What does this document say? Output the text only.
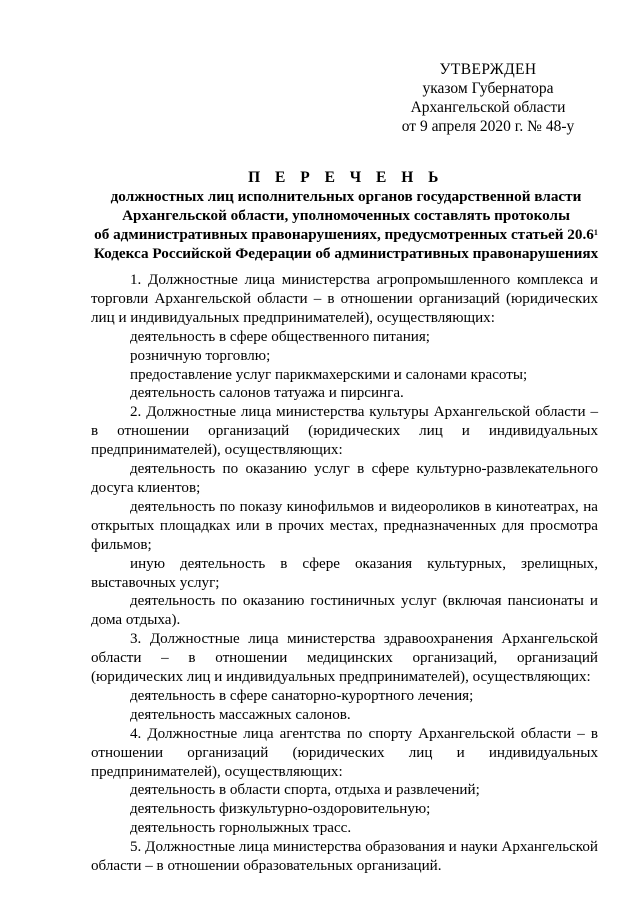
УТВЕРЖДЕН
указом Губернатора
Архангельской области
от 9 апреля 2020 г. № 48-у
П Е Р Е Ч Е Н Ь
должностных лиц исполнительных органов государственной власти
Архангельской области, уполномоченных составлять протоколы
об административных правонарушениях, предусмотренных статьей 20.6$^1$
Кодекса Российской Федерации об административных правонарушениях

1. Должностные лица министерства агропромышленного комплекса и торговли Архангельской области – в отношении организаций (юридических лиц и индивидуальных предпринимателей), осуществляющих:

деятельность в сфере общественного питания;

розничную торговлю;

предоставление услуг парикмахерскими и салонами красоты;

деятельность салонов татуажа и пирсинга.

2. Должностные лица министерства культуры Архангельской области – в отношении организаций (юридических лиц и индивидуальных предпринимателей), осуществляющих:

деятельность по оказанию услуг в сфере культурно-развлекательного досуга клиентов;

деятельность по показу кинофильмов и видеороликов в кинотеатрах, на открытых площадках или в прочих местах, предназначенных для просмотра фильмов;

иную деятельность в сфере оказания культурных, зрелищных, выставочных услуг;

деятельность по оказанию гостиничных услуг (включая пансионаты и дома отдыха).

3. Должностные лица министерства здравоохранения Архангельской области – в отношении медицинских организаций, организаций (юридических лиц и индивидуальных предпринимателей), осуществляющих:

деятельность в сфере санаторно-курортного лечения;

деятельность массажных салонов.

4. Должностные лица агентства по спорту Архангельской области – в отношении организаций (юридических лиц и индивидуальных предпринимателей), осуществляющих:

деятельность в области спорта, отдыха и развлечений;

деятельность физкультурно-оздоровительную;

деятельность горнолыжных трасс.

5. Должностные лица министерства образования и науки Архангельской области – в отношении образовательных организаций.
